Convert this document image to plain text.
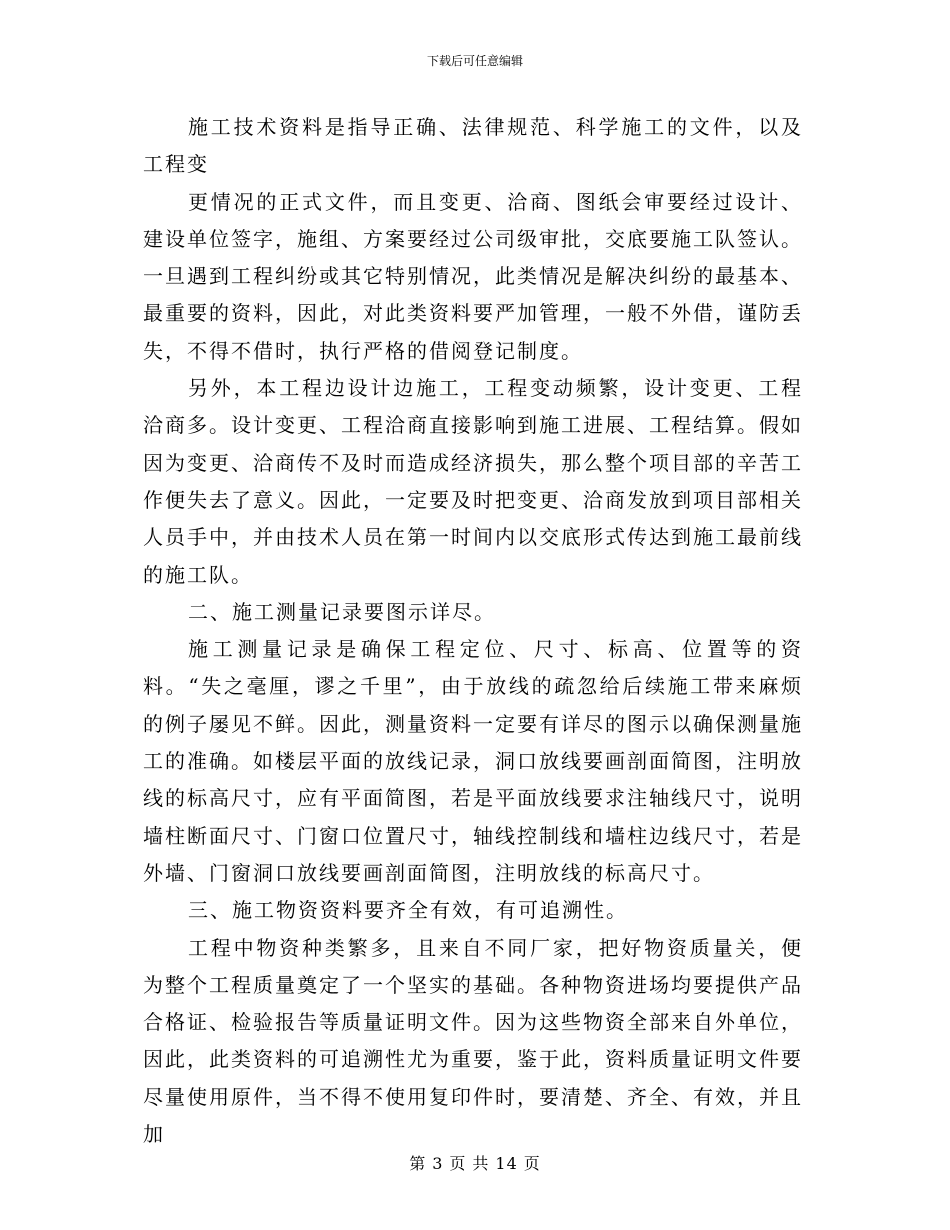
下载后可任意编辑

施工技术资料是指导正确、法律规范、科学施工的文件，以及工程变

更情况的正式文件，而且变更、洽商、图纸会审要经过设计、建设单位签字，施组、方案要经过公司级审批，交底要施工队签认。一旦遇到工程纠纷或其它特别情况，此类情况是解决纠纷的最基本、最重要的资料，因此，对此类资料要严加管理，一般不外借，谨防丢失，不得不借时，执行严格的借阅登记制度。

另外，本工程边设计边施工，工程变动频繁，设计变更、工程洽商多。设计变更、工程洽商直接影响到施工进展、工程结算。假如因为变更、洽商传不及时而造成经济损失，那么整个项目部的辛苦工作便失去了意义。因此，一定要及时把变更、洽商发放到项目部相关人员手中，并由技术人员在第一时间内以交底形式传达到施工最前线的施工队。

二、施工测量记录要图示详尽。

施工测量记录是确保工程定位、尺寸、标高、位置等的资料。“失之毫厘，谬之千里”，由于放线的疏忽给后续施工带来麻烦的例子屡见不鲜。因此，测量资料一定要有详尽的图示以确保测量施工的准确。如楼层平面的放线记录，洞口放线要画剖面简图，注明放线的标高尺寸，应有平面简图，若是平面放线要求注轴线尺寸，说明墙柱断面尺寸、门窗口位置尺寸，轴线控制线和墙柱边线尺寸，若是外墙、门窗洞口放线要画剖面简图，注明放线的标高尺寸。

三、施工物资资料要齐全有效，有可追溯性。

工程中物资种类繁多，且来自不同厂家，把好物资质量关，便为整个工程质量奠定了一个坚实的基础。各种物资进场均要提供产品合格证、检验报告等质量证明文件。因为这些物资全部来自外单位，因此，此类资料的可追溯性尤为重要，鉴于此，资料质量证明文件要尽量使用原件，当不得不使用复印件时，要清楚、齐全、有效，并且加

第 3 页 共 14 页
